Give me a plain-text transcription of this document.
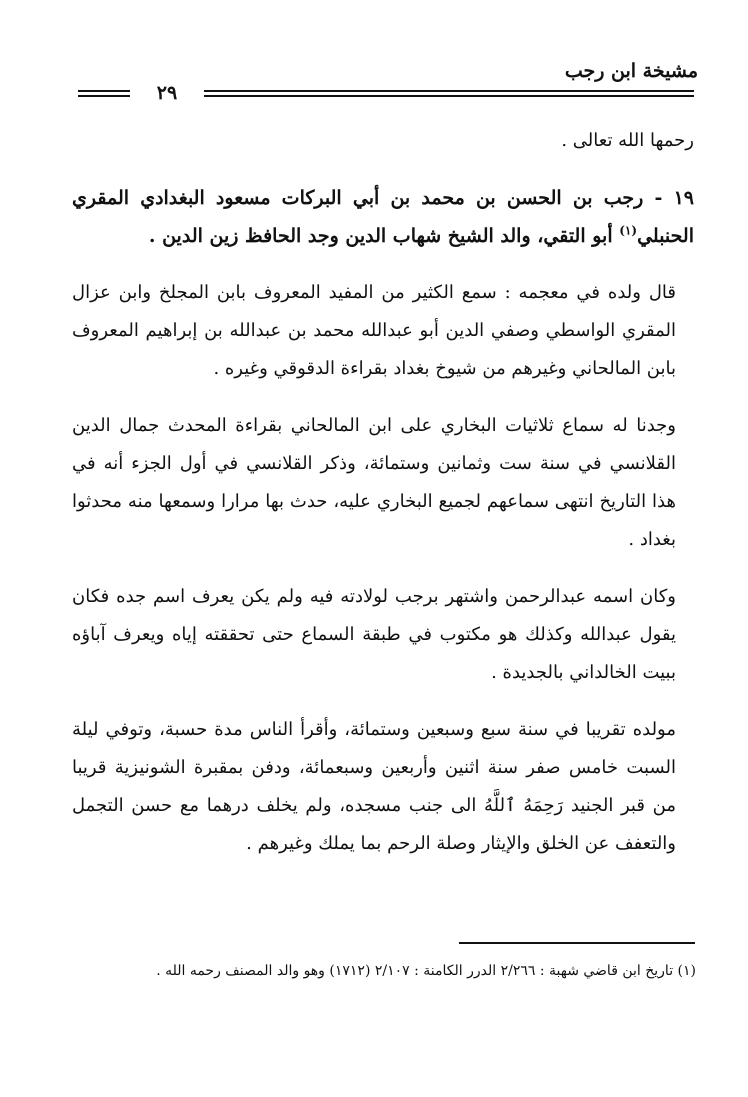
مشيخة ابن رجب
٢٩

رحمها الله تعالى .

١٩ - رجب بن الحسن بن محمد بن أبي البركات مسعود البغدادي المقري الحنبلي$^{(١)}$ أبو التقي، والد الشيخ شهاب الدين وجد الحافظ زين الدين .

قال ولده في معجمه : سمع الكثير من المفيد المعروف بابن المجلخ وابن عزال المقري الواسطي وصفي الدين أبو عبدالله محمد بن عبدالله بن إبراهيم المعروف بابن المالحاني وغيرهم من شيوخ بغداد بقراءة الدقوقي وغيره .

وجدنا له سماع ثلاثيات البخاري على ابن المالحاني بقراءة المحدث جمال الدين القلانسي في سنة ست وثمانين وستمائة، وذكر القلانسي في أول الجزء أنه في هذا التاريخ انتهى سماعهم لجميع البخاري عليه، حدث بها مرارا وسمعها منه محدثوا بغداد .

وكان اسمه عبدالرحمن واشتهر برجب لولادته فيه ولم يكن يعرف اسم جده فكان يقول عبدالله وكذلك هو مكتوب في طبقة السماع حتى تحققته إياه ويعرف آباؤه ببيت الخالداني بالجديدة .

مولده تقريبا في سنة سبع وسبعين وستمائة، وأقرأ الناس مدة حسبة، وتوفي ليلة السبت خامس صفر سنة اثنين وأربعين وسبعمائة، ودفن بمقبرة الشونيزية قريبا من قبر الجنيد رَحِمَهُ ٱللَّهُ الى جنب مسجده، ولم يخلف درهما مع حسن التجمل والتعفف عن الخلق والإيثار وصلة الرحم بما يملك وغيرهم .

(١) تاريخ ابن قاضي شهبة : ٢/٢٦٦ الدرر الكامنة : ٢/١٠٧ (١٧١٢) وهو والد المصنف رحمه الله .
